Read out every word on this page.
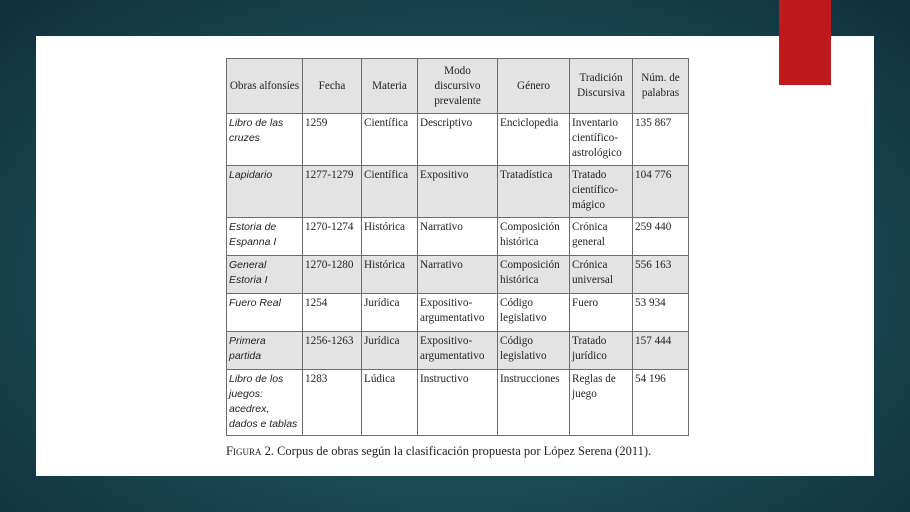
Obras alfonsíes	Fecha	Materia	Modo discursivo prevalente	Género	Tradición Discursiva	Núm. de palabras
Libro de las cruzes	1259	Científica	Descriptivo	Enciclopedia	Inventario científico-astrológico	135 867
Lapidario	1277-1279	Científica	Expositivo	Tratadística	Tratado científico-mágico	104 776
Estoria de Espanna I	1270-1274	Histórica	Narrativo	Composición histórica	Crónica general	259 440
General Estoria I	1270-1280	Histórica	Narrativo	Composición histórica	Crónica universal	556 163
Fuero Real	1254	Jurídica	Expositivo-argumentativo	Código legislativo	Fuero	53 934
Primera partida	1256-1263	Jurídica	Expositivo-argumentativo	Código legislativo	Tratado jurídico	157 444
Libro de los juegos: acedrex, dados e tablas	1283	Lúdica	Instructivo	Instrucciones	Reglas de juego	54 196
Figura 2. Corpus de obras según la clasificación propuesta por López Serena (2011).
